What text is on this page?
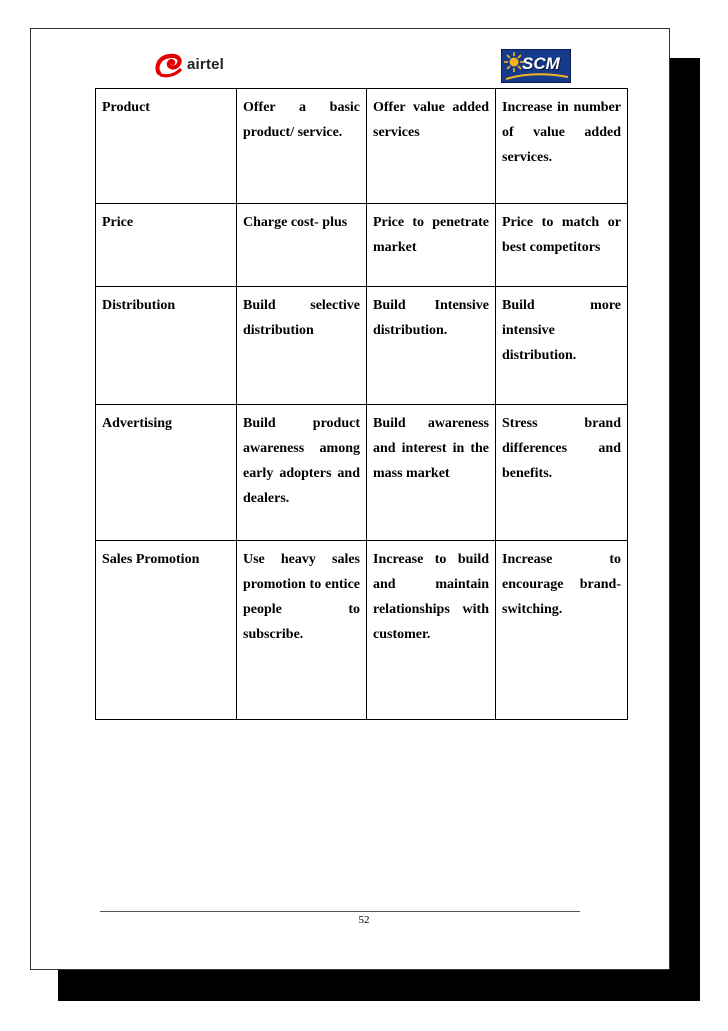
airtel	SCM
Product	Offer a basic product/ service.	Offer value added services	Increase in number of value added services.
Price	Charge cost- plus	Price to penetrate market	Price to match or best competitors
Distribution	Build selective distribution	Build Intensive distribution.	Build more intensive distribution.
Advertising	Build product awareness among early adopters and dealers.	Build awareness and interest in the mass market	Stress brand differences and benefits.
Sales Promotion	Use heavy sales promotion to entice people to subscribe.	Increase to build and maintain relationships with customer.	Increase to encourage brand-switching.
52
